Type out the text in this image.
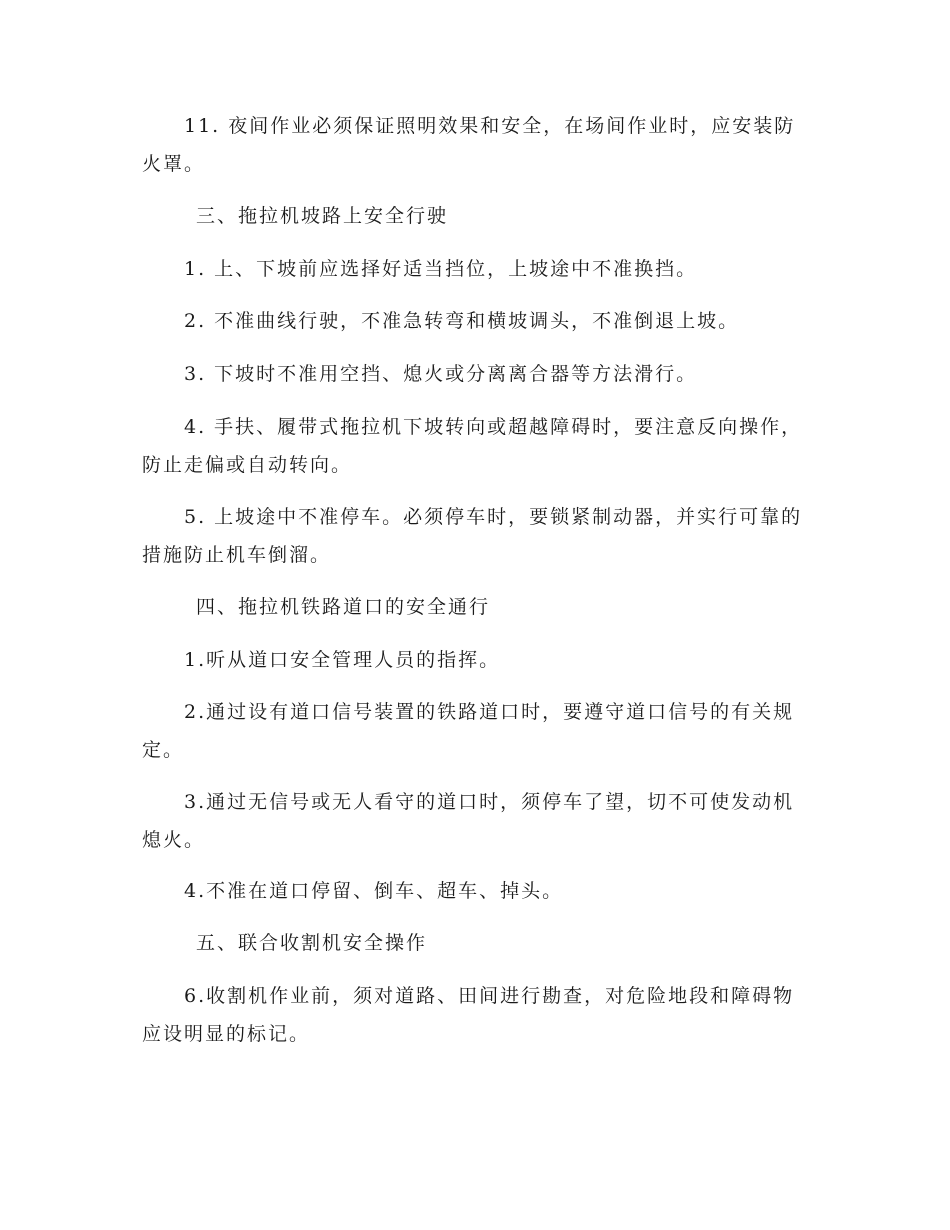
11. 夜间作业必须保证照明效果和安全，在场间作业时，应安装防火罩。

三、拖拉机坡路上安全行驶

1. 上、下坡前应选择好适当挡位，上坡途中不准换挡。

2. 不准曲线行驶，不准急转弯和横坡调头，不准倒退上坡。

3. 下坡时不准用空挡、熄火或分离离合器等方法滑行。

4. 手扶、履带式拖拉机下坡转向或超越障碍时，要注意反向操作，防止走偏或自动转向。

5. 上坡途中不准停车。必须停车时，要锁紧制动器，并实行可靠的措施防止机车倒溜。

四、拖拉机铁路道口的安全通行

1.听从道口安全管理人员的指挥。

2.通过设有道口信号装置的铁路道口时，要遵守道口信号的有关规定。

3.通过无信号或无人看守的道口时，须停车了望，切不可使发动机熄火。

4.不准在道口停留、倒车、超车、掉头。

五、联合收割机安全操作

6.收割机作业前，须对道路、田间进行勘查，对危险地段和障碍物应设明显的标记。
